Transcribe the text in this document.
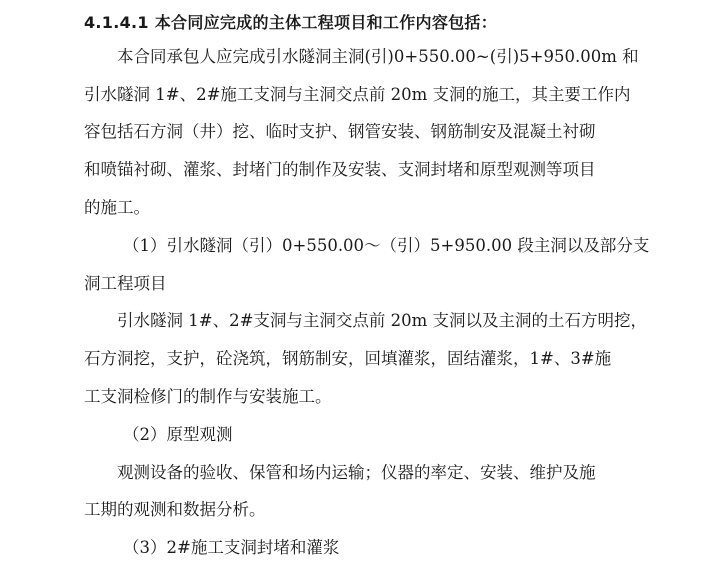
4.1.4.1 本合同应完成的主体工程项目和工作内容包括：
本合同承包人应完成引水隧洞主洞(引)0+550.00~(引)5+950.00m 和
引水隧洞 1#、2#施工支洞与主洞交点前 20m 支洞的施工，其主要工作内
容包括石方洞（井）挖、临时支护、钢管安装、钢筋制安及混凝土衬砌
和喷锚衬砌、灌浆、封堵门的制作及安装、支洞封堵和原型观测等项目
的施工。
（1）引水隧洞（引）0+550.00～（引）5+950.00 段主洞以及部分支
洞工程项目
引水隧洞 1#、2#支洞与主洞交点前 20m 支洞以及主洞的土石方明挖，
石方洞挖，支护，砼浇筑，钢筋制安，回填灌浆，固结灌浆，1#、3#施
工支洞检修门的制作与安装施工。
（2）原型观测
观测设备的验收、保管和场内运输；仪器的率定、安装、维护及施
工期的观测和数据分析。
（3）2#施工支洞封堵和灌浆
